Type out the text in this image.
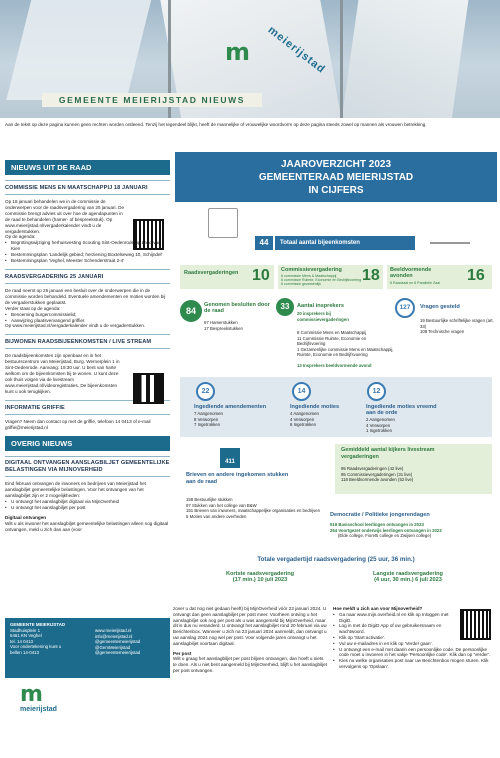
m meierijstad
GEMEENTE MEIERIJSTAD NIEUWS
Aan de tekst op deze pagina kunnen geen rechten worden ontleend. Tenzij het tegendeel blijkt, heeft de mannelijke of vrouwelijke woordvorm op deze pagina steeds zowel op mannen als vrouwen betrekking.
NIEUWS UIT DE RAAD
COMMISSIE MENS EN MAATSCHAPPIJ 18 JANUARI
Op 18 januari behandelen we in de commissie de onderwerpen voor de raadsvergadering van 25 januari. De commissie brengt advies uit over hoe de agendapunten in de raad te behandelen (hamer- of bespreekstuk). Op www.meierijstad.nl/vergaderkalender vindt u de vergaderstukken.
Op de agenda:
• Begrotingswijziging herhuisvesting Scouting Sint-Oedenrode op Land van Kien
• Bestemmingsplan 'Landelijk gebied; herziening Boxtelseweg 10, Schijndel'
• Bestemmingsplan 'Veghel, Meester Schenderstraat 2-4'
RAADSVERGADERING 25 JANUARI
De raad neemt op 25 januari een besluit over de onderwerpen die in de commissie worden behandeld. Eventuele amendementen en moties worden bij de vergaderstukken geplaatst.
Verder staat op de agenda:
• Benoeming burgercommissielid;
• Aanwijzing plaatsvervangend griffier.
Op www.meierijstad.nl/vergaderkalender vindt u de vergaderstukken.
BIJWONEN RAADSBIJEENKOMSTEN / LIVE STREAM
De raadsbijeenkomsten zijn openbaar en in het bestuurscentrum van Meierijstad, Burg. Wernerplein 1 in Sint-Oedenrode. Aanvang: 19:30 uur. U bent van harte welkom om de bijeenkomsten bij te wonen. U kunt deze ook thuis volgen via de livestream www.meierijstad.nl/videoregistraties. De bijeenkomsten kunt u ook terugkijken.
INFORMATIE GRIFFIE
Vragen? Neem dan contact op met de griffie, telefoon 14 0413 of e-mail griffie@meierijstad.nl
OVERIG NIEUWS
DIGITAAL ONTVANGEN AANSLAGBILJET GEMEENTELIJKE BELASTINGEN VIA MIJNOVERHEID
Eind februari ontvangen de inwoners en bedrijven van Meierijstad het aanslagbiljet gemeentelijke belastingen. Voor het ontvangen van het aanslagbiljet zijn er 2 mogelijkheden:
• U ontvangt het aanslagbiljet digitaal via MijnOverheid
• U ontvangt het aanslagbiljet per post
Digitaal ontvangen
Wilt u als inwoner het aanslagbiljet gemeentelijke belastingen alleen nog digitaal ontvangen, meld u zich dan aan (voor
GEMEENTE MEIERIJSTAD
Stadhuisplein 1
5461 KN Veghel
tel. 14 0413
Voor ondertekening kunt u
bellen 14-0413
www.meierijstad.nl
info@meierijstad.nl
@gemeentemeierijstad
@GemMeierijstad
@gemeentemeierijstad
m
meierijstad
JAAROVERZICHT 2023
GEMEENTERAAD MEIERIJSTAD
IN CIJFERS
44	Totaal aantal bijeenkomsten
Raadsvergaderingen 10 Commissievergadering
6 commissie Mens & Maatschappij
6 commissie Ruimte, Economie en Bedrijfsvoering
6 commissie gezamenlijk	18 Beeldvormende avonden
8 Raadzaal en 8 Parallelle Zaal 16
84
Genomen besluiten door de raad
67 Hamerstukken
17 Bespreekstukken
33	Aantal insprekers
20 insprekers bij commissievergaderingen
8 Commissie Mens en Maatschappij
11 Commissie Ruimte, Economie en Bedrijfsvoering
1 Gezamenlijke commissie Mens en Maatschappij, Ruimte, Economie en Bedrijfsvoering
13 Insprekers beeldvormende avond
127	Vragen gesteld
19 Bestuurlijke schriftelijke vragen (art. 33)
108 Technische vragen
22
Ingediende amendementen
7 Aangenomen
8 Verworpen
7 Ingetrokken
14
Ingediende moties
4 Aangenomen
4 Verworpen
6 Ingetrokken
12
Ingediende moties vreemd aan de orde
2 Aangenomen
4 Verworpen
1 Ingetrokken
411
Brieven en andere ingekomen stukken aan de raad
158 Bestuurlijke stukken
97 Stukken van het college van B&W
151 Brieven van inwoners, maatschappelijke organisaties en bedrijven
5 Moties van andere overheden
Gemiddeld aantal kijkers livestream vergaderingen
95 Raadsvergaderingen (42 live)
95 Commissievergaderingen (31 live)
118 Beeldvormende avonden (52 live)
Democratie / Politieke jongerendagen
519 Basisschool leerlingen ontvangen in 2023
264 Voortgezet onderwijs leerlingen ontvangen in 2023
(Elde college, Fioretti college en Zwijsen college)
Totale vergadertijd raadsvergadering (25 uur, 36 min.)
Kortste raadsvergadering
(17 min.) 10 juli 2023
Langste raadsvergadering
(4 uur, 30 min.) 6 juli 2023
zover u dat nog niet gedaan heeft) bij MijnOverheid vóór 23 januari 2024. U ontvangt dan geen aanslagbiljet per post meer. Voorheen ontving u het aanslagbiljet ook nog per post als u was aangemeld bij MijnOverheid, maar dit is dus nu veranderd. U ontvangt het aanslagbiljet rond 20 februari via uw Berichtenbox. Wanneer u zich na 23 januari 2024 aanmeldt, dan ontvangt u uw aanslag 2024 nog wel per post. Voor volgende jaren ontvangt u het aanslagbiljet voortaan digitaal.
Per post
Wilt u graag het aanslagbiljet per post blijven ontvangen, dan hoeft u niets te doen. Als u niet bent aangemeld bij MijnOverheid, blijft u het aanslagbiljet per post ontvangen.
Hoe meldt u zich aan voor Mijnoverheid?
• Ga naar www.mijn.overheid.nl en klik op Inloggen met DigiD.
• Log in met de DigiD App of uw gebruikersnaam en wachtwoord.
• Klik op 'Start activatie'.
• Vul uw e-mailadres in en klik op 'Verder gaan'.
• U ontvangt een e-mail met daarin een persoonlijke code. De persoonlijke code moet u invoeren in het vakje 'Persoonlijke code'. Klik dan op 'Verder'.
• Kies nu welke organisaties post naar uw Berichtenbox mogen sturen. Klik vervolgens op 'Opslaan'.
